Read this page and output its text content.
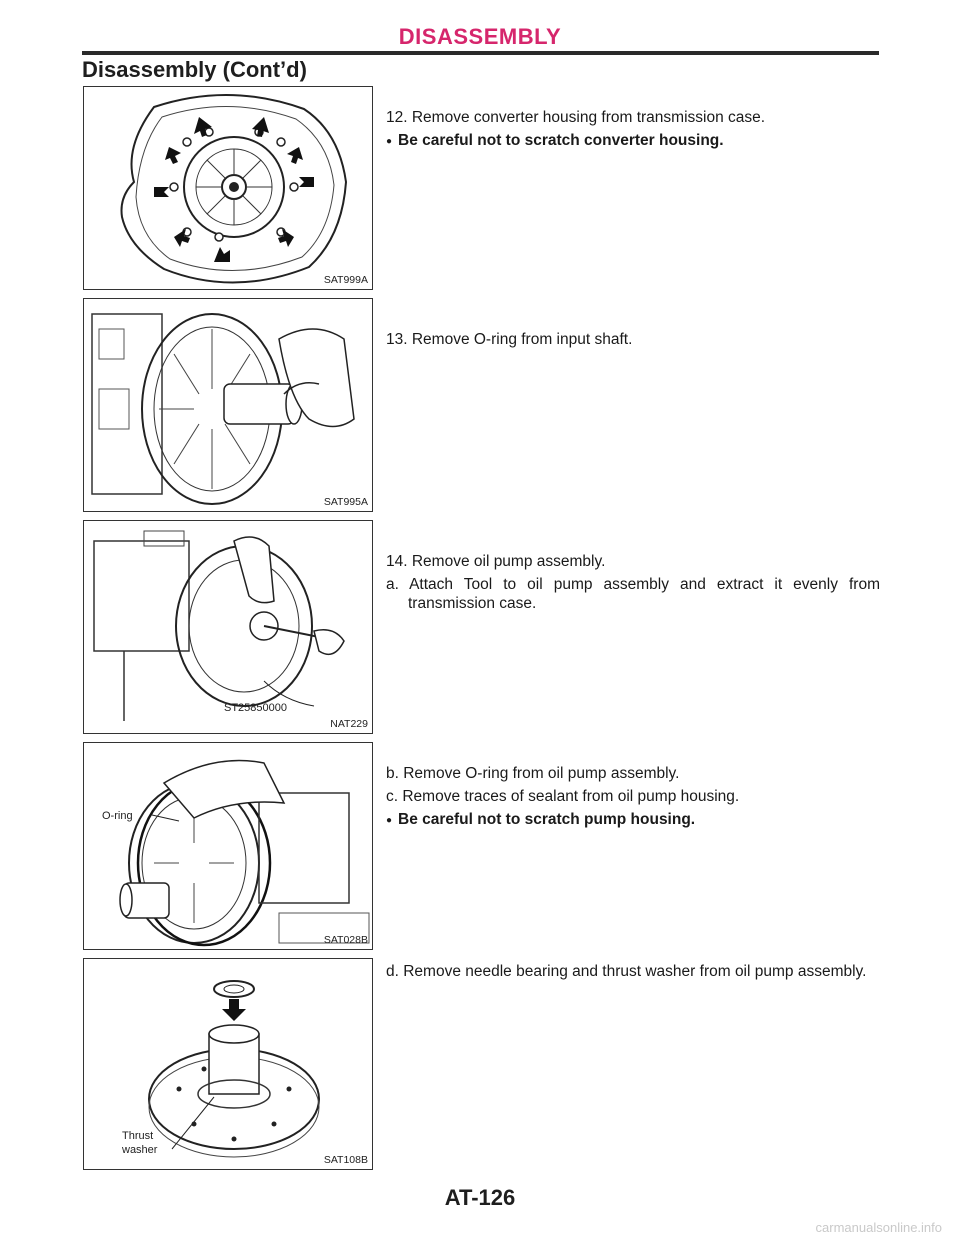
DISASSEMBLY
Disassembly (Cont’d)
SAT999A

12. Remove converter housing from transmission case.

● Be careful not to scratch converter housing.

SAT995A

13. Remove O-ring from input shaft.

ST25850000
NAT229

14. Remove oil pump assembly.

a. Attach Tool to oil pump assembly and extract it evenly from transmission case.

O-ring
SAT028B

b. Remove O-ring from oil pump assembly.

c. Remove traces of sealant from oil pump housing.

● Be careful not to scratch pump housing.

Thrust
washer
SAT108B

d. Remove needle bearing and thrust washer from oil pump assembly.

AT-126
carmanualsonline.info
